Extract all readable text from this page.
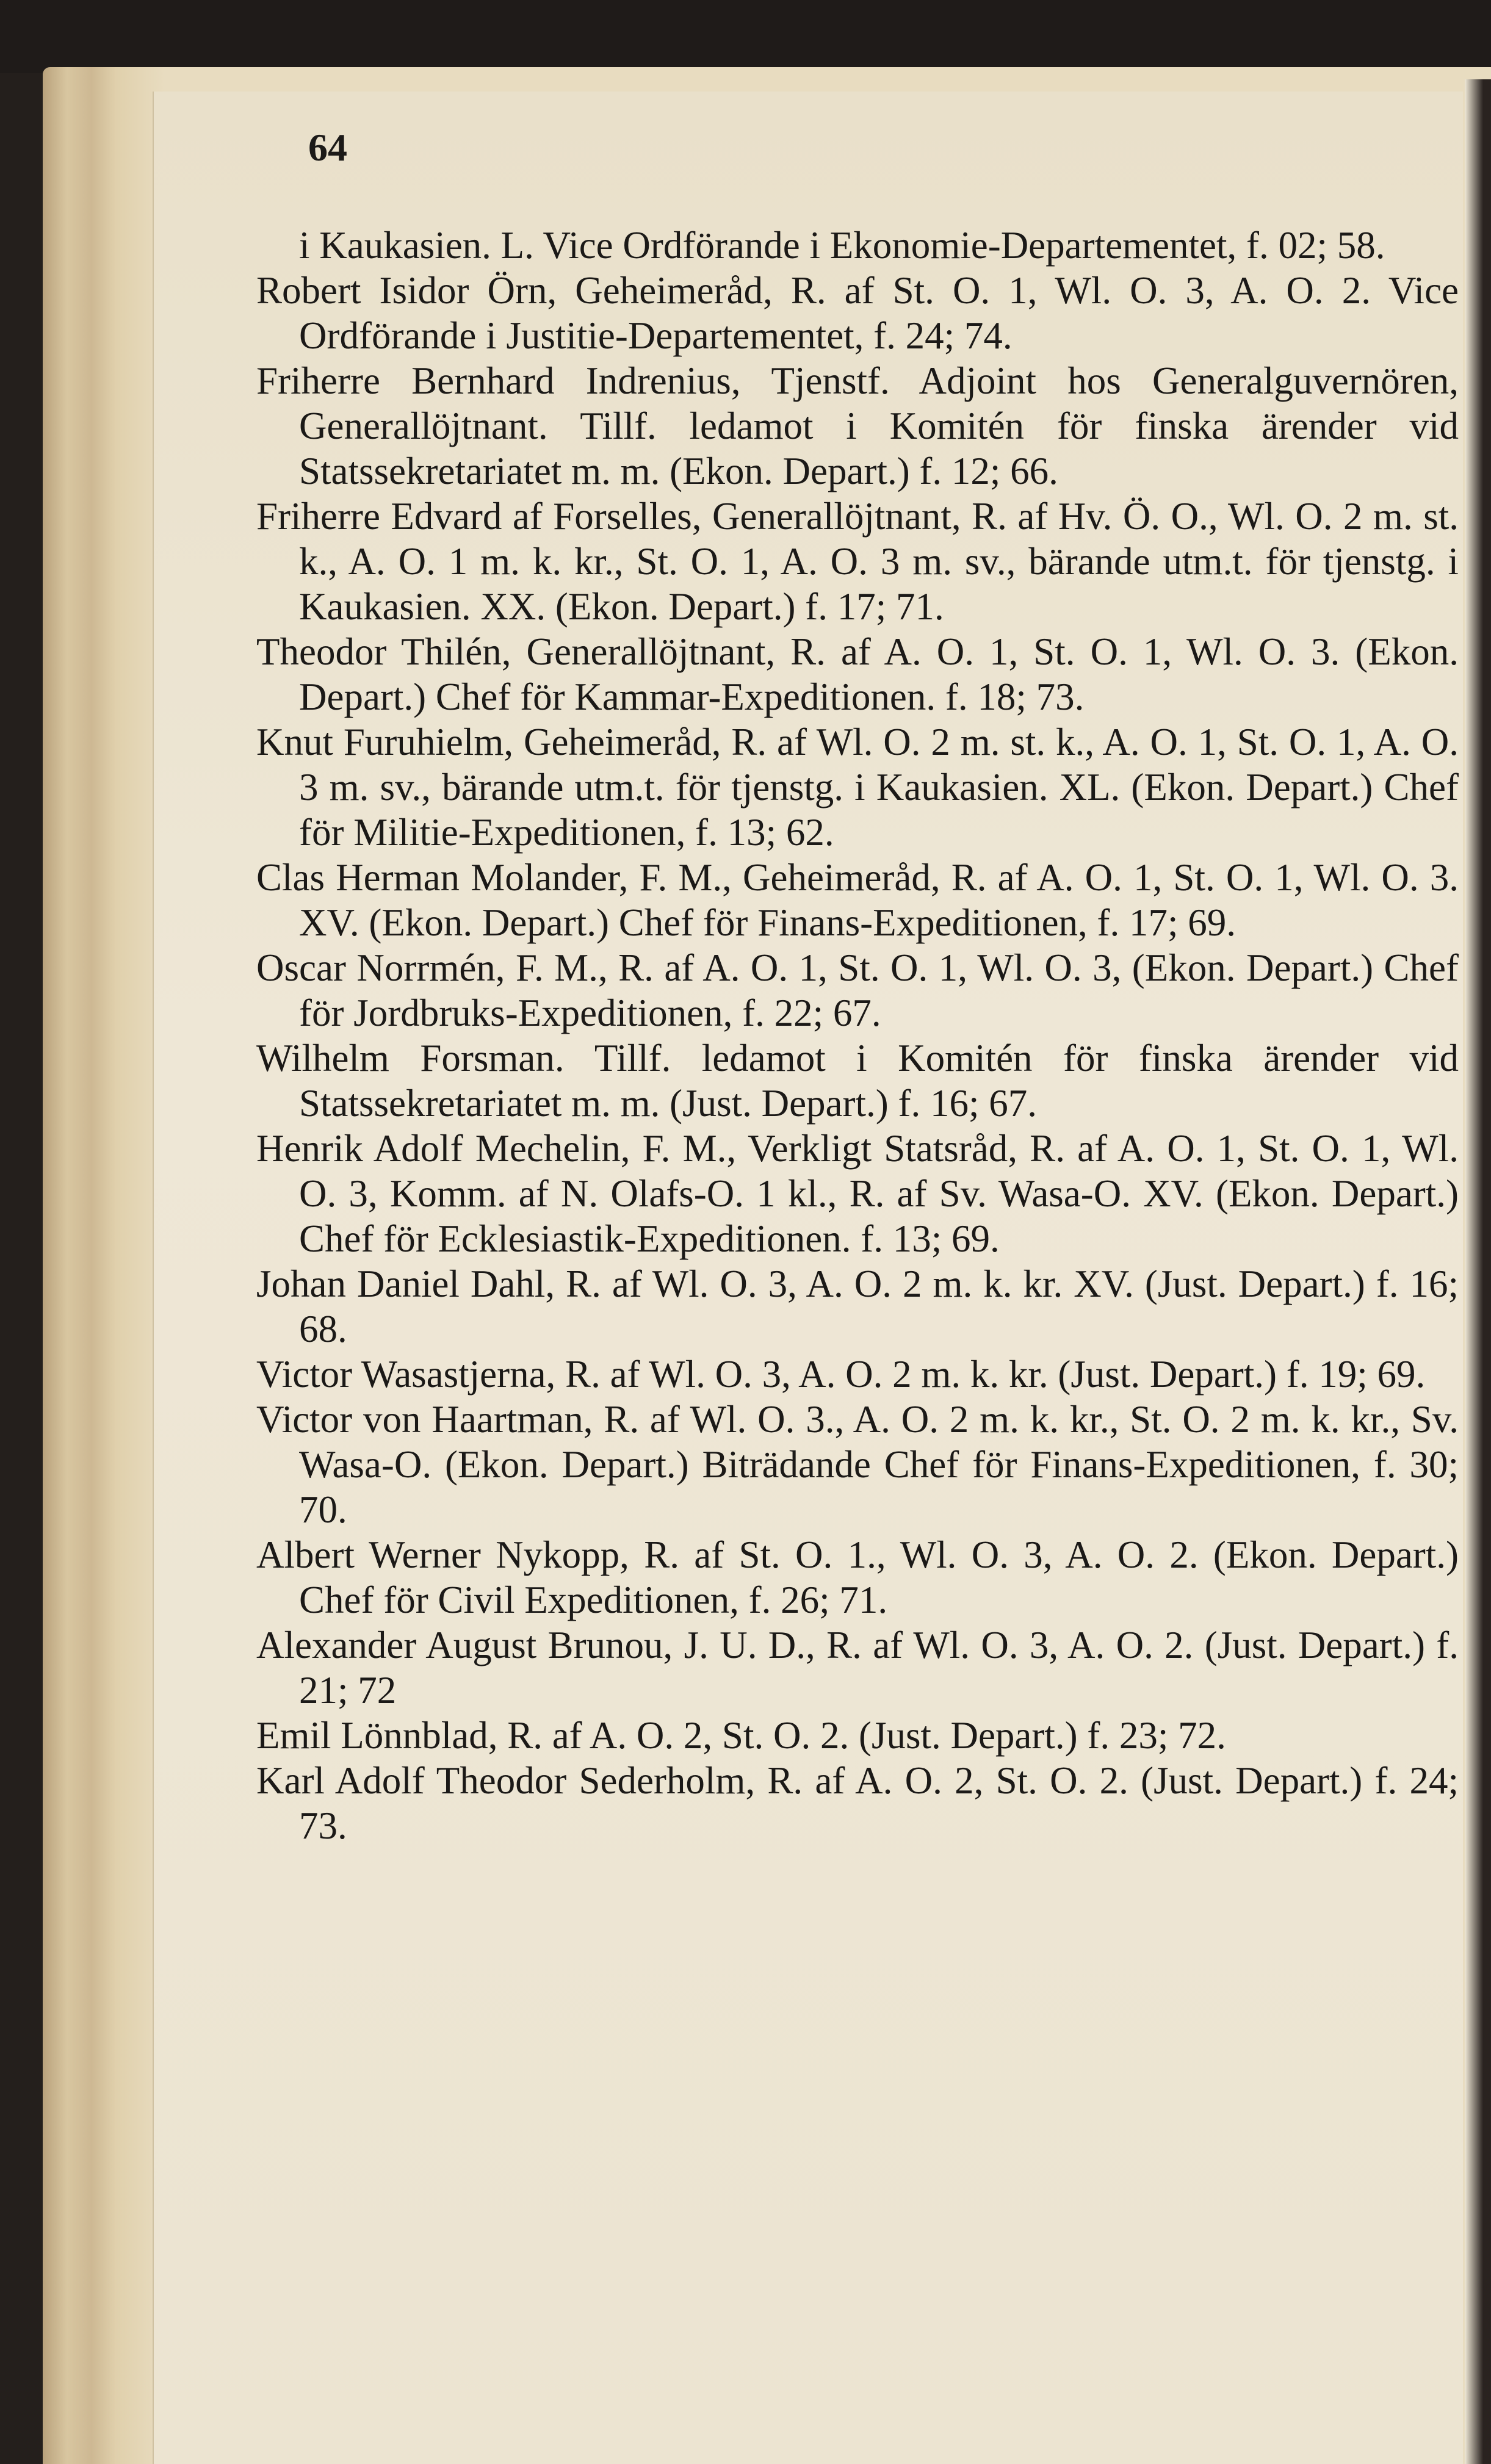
64

i Kaukasien. L. Vice Ordförande i Ekonomie-Departementet, f. 02; 58.

Robert Isidor Örn, Geheimeråd, R. af St. O. 1, Wl. O. 3, A. O. 2. Vice Ordförande i Justitie-Departementet, f. 24; 74.

Friherre Bernhard Indrenius, Tjenstf. Adjoint hos Generalguvernören, Generallöjtnant. Tillf. ledamot i Komitén för finska ärender vid Statssekretariatet m. m. (Ekon. Depart.) f. 12; 66.

Friherre Edvard af Forselles, Generallöjtnant, R. af Hv. Ö. O., Wl. O. 2 m. st. k., A. O. 1 m. k. kr., St. O. 1, A. O. 3 m. sv., bärande utm.t. för tjenstg. i Kaukasien. XX. (Ekon. Depart.) f. 17; 71.

Theodor Thilén, Generallöjtnant, R. af A. O. 1, St. O. 1, Wl. O. 3. (Ekon. Depart.) Chef för Kammar-Expeditionen. f. 18; 73.

Knut Furuhielm, Geheimeråd, R. af Wl. O. 2 m. st. k., A. O. 1, St. O. 1, A. O. 3 m. sv., bärande utm.t. för tjenstg. i Kaukasien. XL. (Ekon. Depart.) Chef för Militie-Expeditionen, f. 13; 62.

Clas Herman Molander, F. M., Geheimeråd, R. af A. O. 1, St. O. 1, Wl. O. 3. XV. (Ekon. Depart.) Chef för Finans-Expeditionen, f. 17; 69.

Oscar Norrmén, F. M., R. af A. O. 1, St. O. 1, Wl. O. 3, (Ekon. Depart.) Chef för Jordbruks-Expeditionen, f. 22; 67.

Wilhelm Forsman. Tillf. ledamot i Komitén för finska ärender vid Statssekretariatet m. m. (Just. Depart.) f. 16; 67.

Henrik Adolf Mechelin, F. M., Verkligt Statsråd, R. af A. O. 1, St. O. 1, Wl. O. 3, Komm. af N. Olafs-O. 1 kl., R. af Sv. Wasa-O. XV. (Ekon. Depart.) Chef för Ecklesiastik-Expeditionen. f. 13; 69.

Johan Daniel Dahl, R. af Wl. O. 3, A. O. 2 m. k. kr. XV. (Just. Depart.) f. 16; 68.

Victor Wasastjerna, R. af Wl. O. 3, A. O. 2 m. k. kr. (Just. Depart.) f. 19; 69.

Victor von Haartman, R. af Wl. O. 3., A. O. 2 m. k. kr., St. O. 2 m. k. kr., Sv. Wasa-O. (Ekon. Depart.) Biträdande Chef för Finans-Expeditionen, f. 30; 70.

Albert Werner Nykopp, R. af St. O. 1., Wl. O. 3, A. O. 2. (Ekon. Depart.) Chef för Civil Expeditionen, f. 26; 71.

Alexander August Brunou, J. U. D., R. af Wl. O. 3, A. O. 2. (Just. Depart.) f. 21; 72

Emil Lönnblad, R. af A. O. 2, St. O. 2. (Just. Depart.) f. 23; 72.

Karl Adolf Theodor Sederholm, R. af A. O. 2, St. O. 2. (Just. Depart.) f. 24; 73.
